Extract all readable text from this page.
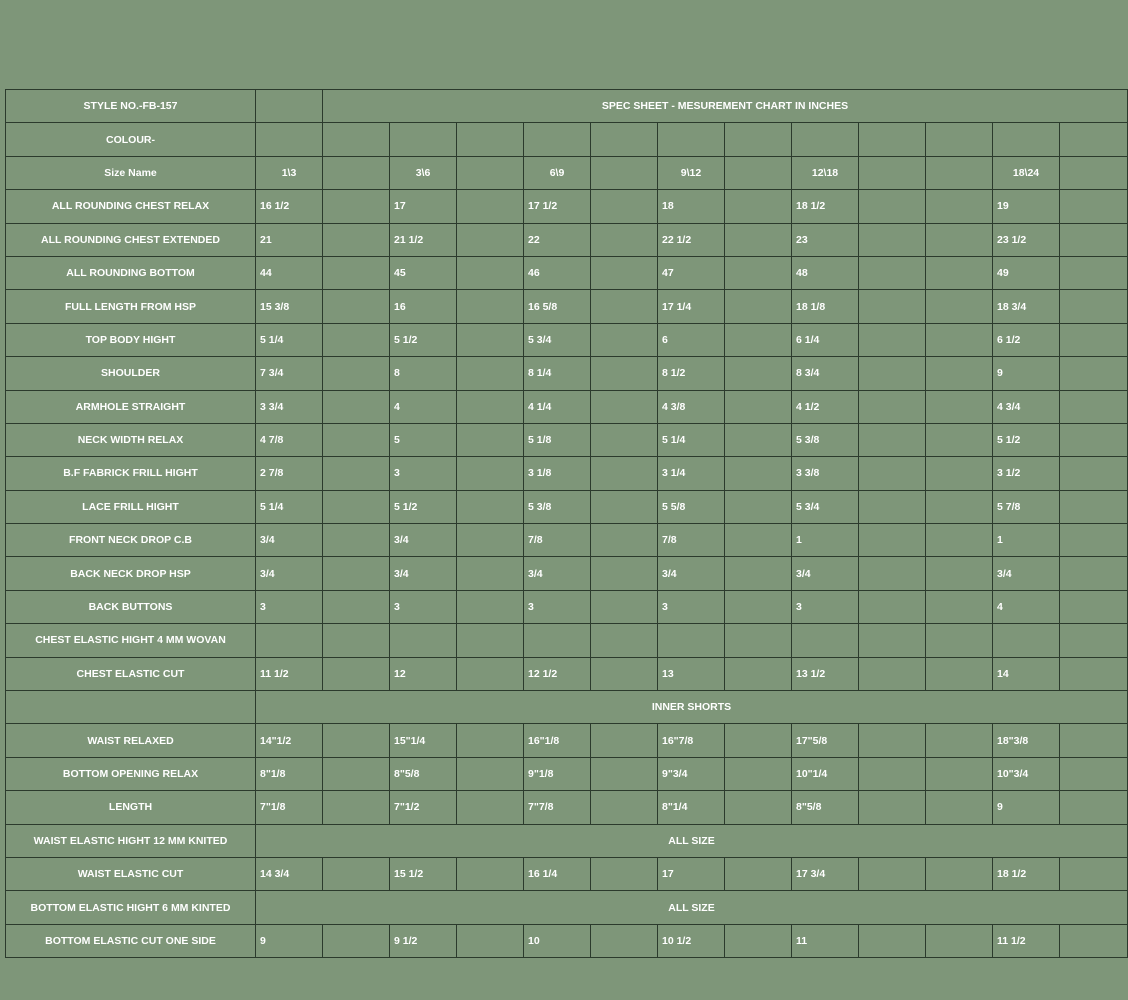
STYLE NO.-FB-157		SPEC SHEET - MESUREMENT CHART IN INCHES											
COLOUR-													
Size Name	1\3		3\6		6\9		9\12		12\18			18\24	
ALL ROUNDING CHEST RELAX	16 1/2		17		17 1/2		18		18 1/2			19	
ALL ROUNDING CHEST EXTENDED	21		21 1/2		22		22 1/2		23			23 1/2	
ALL ROUNDING BOTTOM	44		45		46		47		48			49	
FULL LENGTH FROM HSP	15 3/8		16		16 5/8		17 1/4		18 1/8			18 3/4	
TOP BODY HIGHT	5 1/4		5 1/2		5 3/4		6		6 1/4			6 1/2	
SHOULDER	7 3/4		8		8 1/4		8 1/2		8 3/4			9	
ARMHOLE STRAIGHT	3 3/4		4		4 1/4		4 3/8		4 1/2			4 3/4	
NECK WIDTH RELAX	4 7/8		5		5 1/8		5 1/4		5 3/8			5 1/2	
B.F FABRICK FRILL HIGHT	2 7/8		3		3 1/8		3 1/4		3 3/8			3 1/2	
LACE FRILL HIGHT	5 1/4		5 1/2		5 3/8		5 5/8		5 3/4			5 7/8	
FRONT NECK DROP C.B	3/4		3/4		7/8		7/8		1			1	
BACK NECK DROP HSP	3/4		3/4		3/4		3/4		3/4			3/4	
BACK BUTTONS	3		3		3		3		3			4	
CHEST ELASTIC HIGHT 4 MM WOVAN													
CHEST ELASTIC CUT	11 1/2		12		12 1/2		13		13 1/2			14	
	INNER SHORTS												
WAIST RELAXED	14"1/2		15"1/4		16"1/8		16"7/8		17"5/8			18"3/8	
BOTTOM OPENING RELAX	8"1/8		8"5/8		9"1/8		9"3/4		10"1/4			10"3/4	
LENGTH	7"1/8		7"1/2		7"7/8		8"1/4		8"5/8			9	
WAIST ELASTIC HIGHT 12 MM KNITED	ALL SIZE												
WAIST ELASTIC CUT	14 3/4		15 1/2		16 1/4		17		17 3/4			18 1/2	
BOTTOM ELASTIC HIGHT 6 MM KINTED	ALL SIZE												
BOTTOM ELASTIC CUT ONE SIDE	9		9 1/2		10		10 1/2		11			11 1/2	
